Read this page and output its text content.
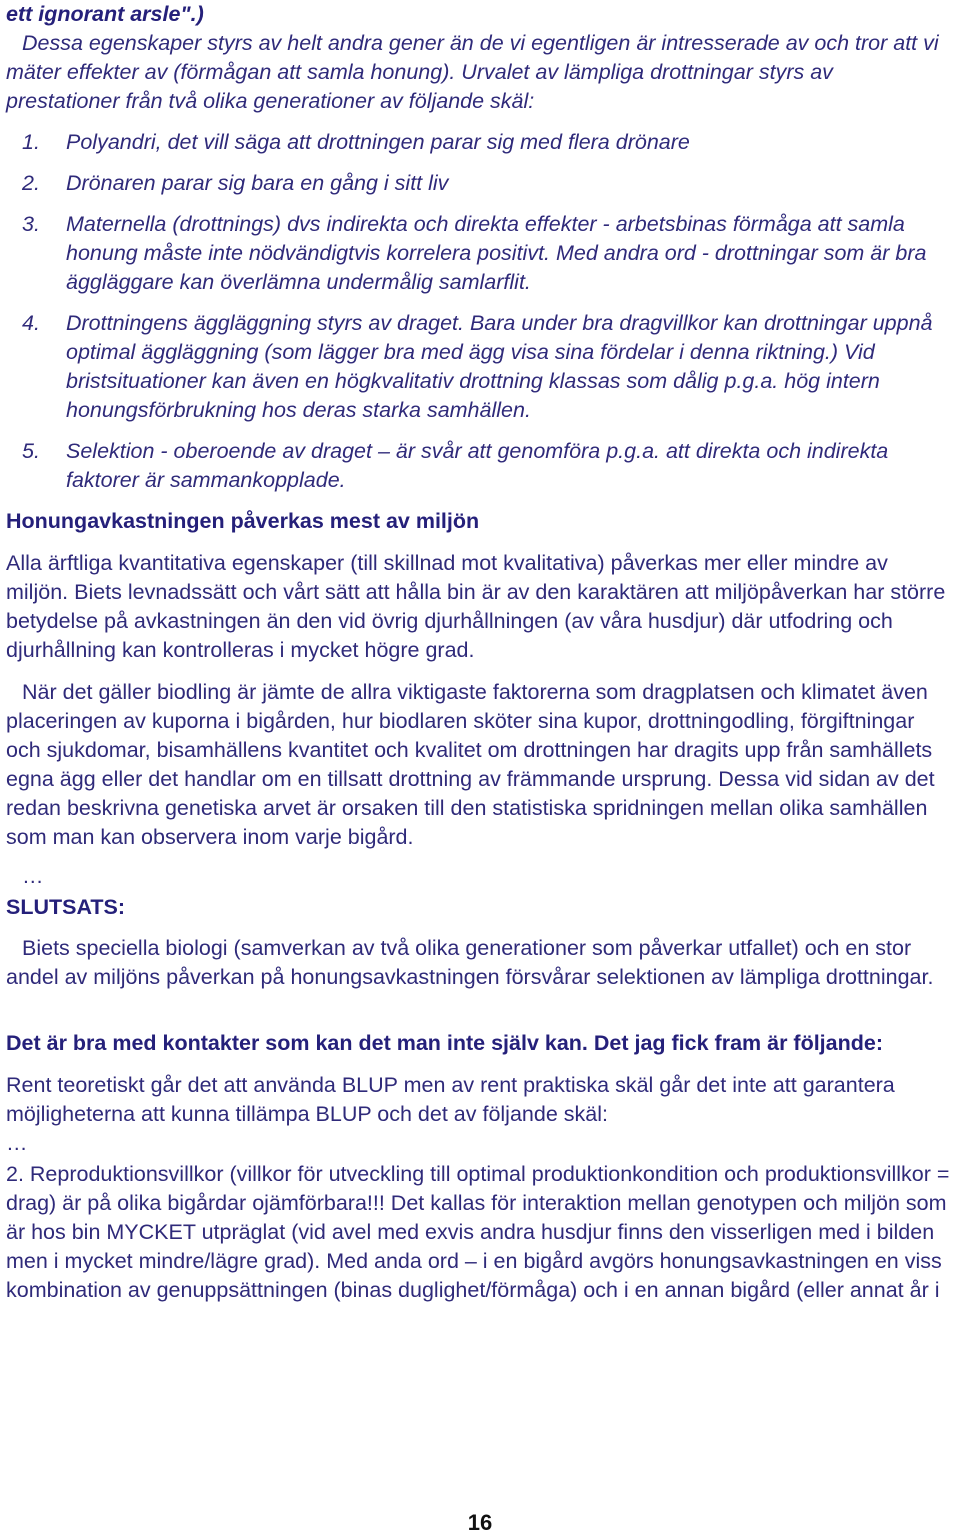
ett ignorant arsle".)

Dessa egenskaper styrs av helt andra gener än de vi egentligen är intresserade av och tror att vi mäter effekter av (förmågan att samla honung). Urvalet av lämpliga drottningar styrs av prestationer från två olika generationer av följande skäl:

1.	Polyandri, det vill säga att drottningen parar sig med flera drönare
2.	Drönaren parar sig bara en gång i sitt liv
3.	Maternella (drottnings) dvs indirekta och direkta effekter - arbetsbinas förmåga att samla honung måste inte nödvändigtvis korrelera positivt. Med andra ord - drottningar som är bra äggläggare kan överlämna undermålig samlarflit.
4.	Drottningens äggläggning styrs av draget. Bara under bra dragvillkor kan drottningar uppnå optimal äggläggning (som lägger bra med ägg visa sina fördelar i denna riktning.) Vid bristsituationer kan även en högkvalitativ drottning klassas som dålig p.g.a. hög intern honungsförbrukning hos deras starka samhällen.
5.	Selektion - oberoende av draget – är svår att genomföra p.g.a. att direkta och indirekta faktorer är sammankopplade.

Honungavkastningen påverkas mest av miljön

Alla ärftliga kvantitativa egenskaper (till skillnad mot kvalitativa) påverkas mer eller mindre av miljön. Biets levnadssätt och vårt sätt att hålla bin är av den karaktären att miljöpåverkan har större betydelse på avkastningen än den vid övrig djurhållningen (av våra husdjur) där utfodring och djurhållning kan kontrolleras i mycket högre grad.

När det gäller biodling är jämte de allra viktigaste faktorerna som dragplatsen och klimatet även placeringen av kuporna i bigården, hur biodlaren sköter sina kupor, drottningodling, förgiftningar och sjukdomar, bisamhällens kvantitet och kvalitet om drottningen har dragits upp från samhällets egna ägg eller det handlar om en tillsatt drottning av främmande ursprung. Dessa vid sidan av det redan beskrivna genetiska arvet är orsaken till den statistiska spridningen mellan olika samhällen som man kan observera inom varje bigård.

…

SLUTSATS:

Biets speciella biologi (samverkan av två olika generationer som påverkar utfallet) och en stor andel av miljöns påverkan på honungsavkastningen försvårar selektionen av lämpliga drottningar.

Det är bra med kontakter som kan det man inte själv kan. Det jag fick fram är följande:

Rent teoretiskt går det att använda BLUP men av rent praktiska skäl går det inte att garantera möjligheterna att kunna tillämpa BLUP och det av följande skäl:

…

2. Reproduktionsvillkor (villkor för utveckling till optimal produktionkondition och produktionsvillkor = drag) är på olika bigårdar ojämförbara!!! Det kallas för interaktion mellan genotypen och miljön som är hos bin MYCKET utpräglat (vid avel med exvis andra husdjur finns den visserligen med i bilden men i mycket mindre/lägre grad). Med anda ord – i en bigård avgörs honungsavkastningen en viss kombination av genuppsättningen (binas duglighet/förmåga) och i en annan bigård (eller annat år i

16
